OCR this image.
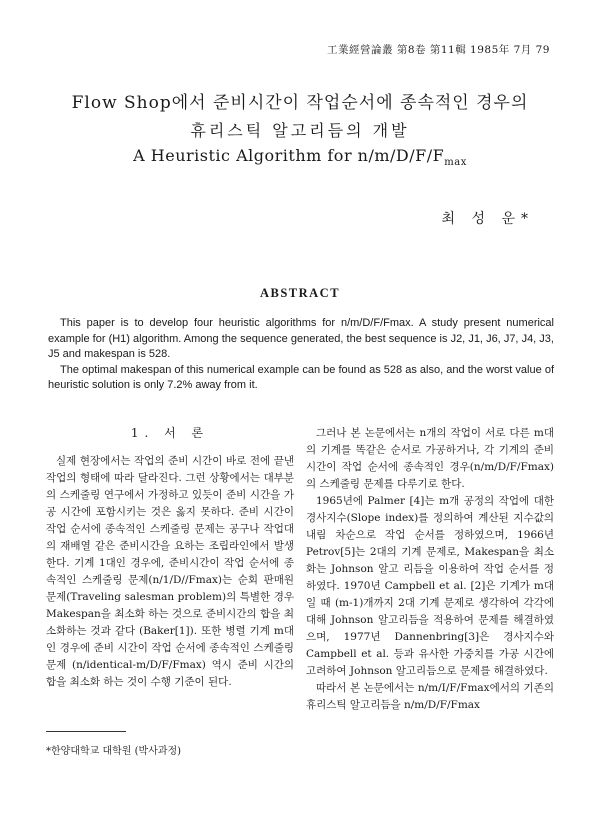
工業經營論叢 第8卷 第11輯 1985年 7月 79
Flow Shop에서 준비시간이 작업순서에 종속적인 경우의
휴리스틱 알고리듬의 개발
A Heuristic Algorithm for $n/m/D/F/F_{max}$
최 성 운*
ABSTRACT

This paper is to develop four heuristic algorithms for n/m/D/F/Fmax. A study present numerical example for (H1) algorithm. Among the sequence generated, the best sequence is J2, J1, J6, J7, J4, J3, J5 and makespan is 528.

The optimal makespan of this numerical example can be found as 528 as also, and the worst value of heuristic solution is only 7.2% away from it.

1. 서 론

실제 현장에서는 작업의 준비 시간이 바로 전에 끝낸 작업의 형태에 따라 달라진다. 그런 상황에서는 대부분의 스케줄링 연구에서 가정하고 있듯이 준비 시간을 가공 시간에 포함시키는 것은 옳지 못하다. 준비 시간이 작업 순서에 종속적인 스케줄링 문제는 공구나 작업대의 재배열 같은 준비시간을 요하는 조립라인에서 발생한다. 기계 1대인 경우에, 준비시간이 작업 순서에 종속적인 스케줄링 문제(n/1/D//Fmax)는 순회 판매원 문제(Traveling salesman problem)의 특별한 경우 Makespan을 최소화 하는 것으로 준비시간의 합을 최소화하는 것과 같다 (Baker[1]). 또한 병렬 기계 m대인 경우에 준비 시간이 작업 순서에 종속적인 스케줄링 문제 (n/identical-m/D/F/Fmax) 역시 준비 시간의 합을 최소화 하는 것이 수행 기준이 된다.

그러나 본 논문에서는 n개의 작업이 서로 다른 m대의 기계를 똑같은 순서로 가공하거나, 각 기계의 준비 시간이 작업 순서에 종속적인 경우(n/m/D/F/Fmax)의 스케줄링 문제를 다루기로 한다.

1965년에 Palmer [4]는 m개 공정의 작업에 대한 경사지수(Slope index)를 정의하여 계산된 지수값의 내림 차순으로 작업 순서를 정하였으며, 1966년 Petrov[5]는 2대의 기계 문제로, Makespan을 최소화는 Johnson 알고 리듬을 이용하여 작업 순서를 정하였다. 1970년 Campbell et al. [2]은 기계가 m대일 때 (m-1)개까지 2대 기계 문제로 생각하여 각각에 대해 Johnson 알고리듬을 적용하여 문제를 해결하였으며, 1977년 Dannenbring[3]은 경사지수와 Campbell et al. 등과 유사한 가중치를 가공 시간에 고려하여 Johnson 알고리듬으로 문제를 해결하였다.

따라서 본 논문에서는 n/m/I/F/Fmax에서의 기존의 휴리스틱 알고리듬을 n/m/D/F/Fmax

*한양대학교 대학원 (박사과정)
